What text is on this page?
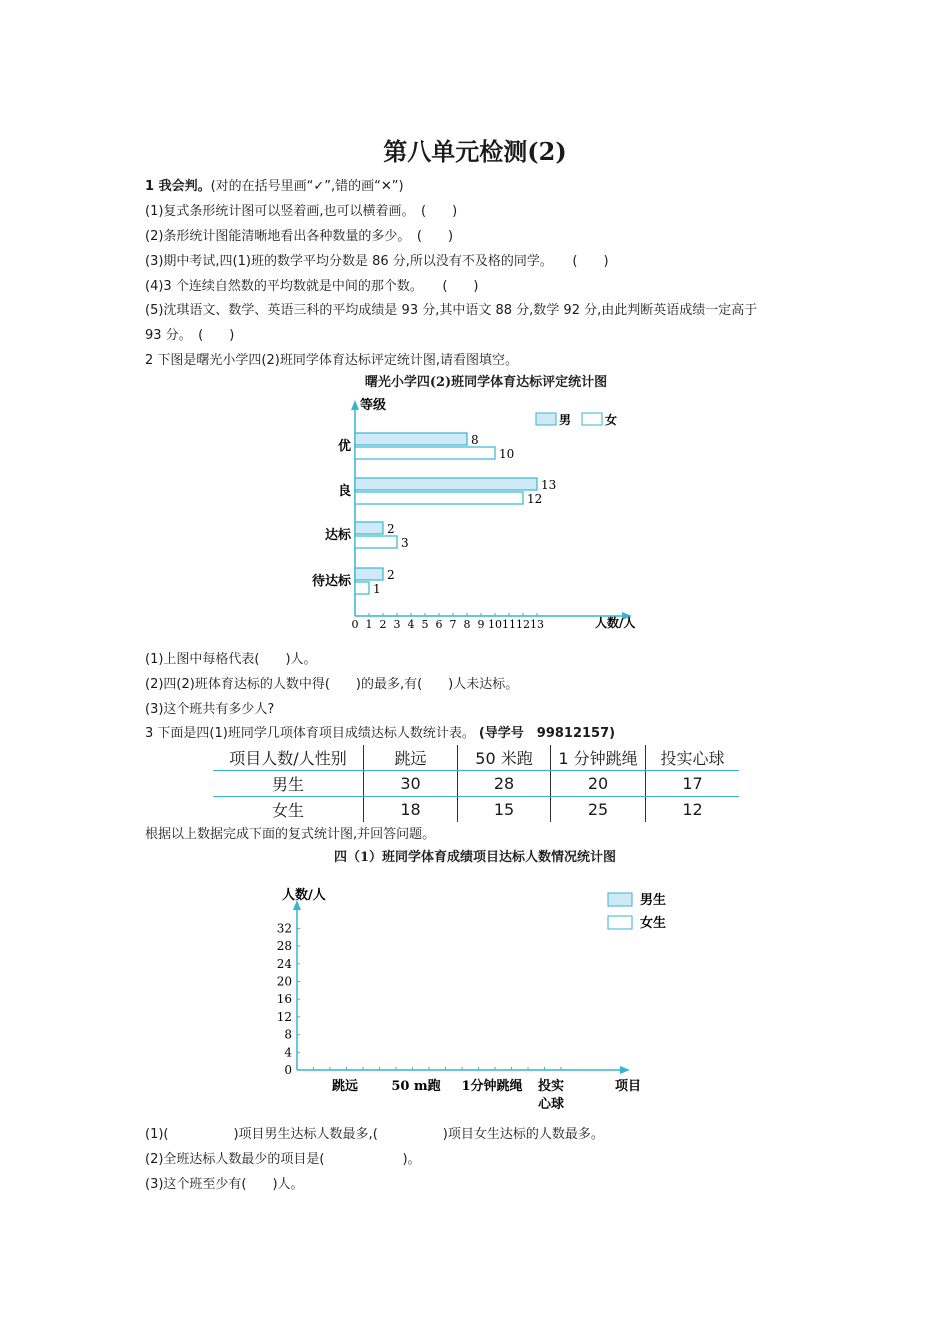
第八单元检测(2)
1 我会判。(对的在括号里画“✓”,错的画“✕”)
(1)复式条形统计图可以竖着画,也可以横着画。　(　　)
(2)条形统计图能清晰地看出各种数量的多少。　(　　)
(3)期中考试,四(1)班的数学平均分数是 86 分,所以没有不及格的同学。　　(　　)
(4)3 个连续自然数的平均数就是中间的那个数。　　(　　)
(5)沈琪语文、数学、英语三科的平均成绩是 93 分,其中语文 88 分,数学 92 分,由此判断英语成绩一定高于
93 分。　(　　)
2 下图是曙光小学四(2)班同学体育达标评定统计图,请看图填空。
曙光小学四(2)班同学体育达标评定统计图
等级
人数/人
男	女
0 1 2 3 4 5 6 7 8 9 10 11 12 13
优	8
10
良	13
12
达标	2
3
待达标	2
1
(1)上图中每格代表(　　)人。
(2)四(2)班体育达标的人数中得(　　)的最多,有(　　)人未达标。
(3)这个班共有多少人?
3 下面是四(1)班同学几项体育项目成绩达标人数统计表。 (导学号　99812157)
项目人数/人性别	跳远	50 米跑	1 分钟跳绳	投实心球
男生	30	28	20	17
女生	18	15	25	12
根据以上数据完成下面的复式统计图,并回答问题。
四（1）班同学体育成绩项目达标人数情况统计图
人数/人
项目
男生
女生
0
4
8
12
16
20
24
28
32
跳远	50 m跑 1分钟跳绳 投实
心球
(1)(　　　　　)项目男生达标人数最多,(　　　　　)项目女生达标的人数最多。
(2)全班达标人数最少的项目是(　　　　　　)。
(3)这个班至少有(　　)人。
